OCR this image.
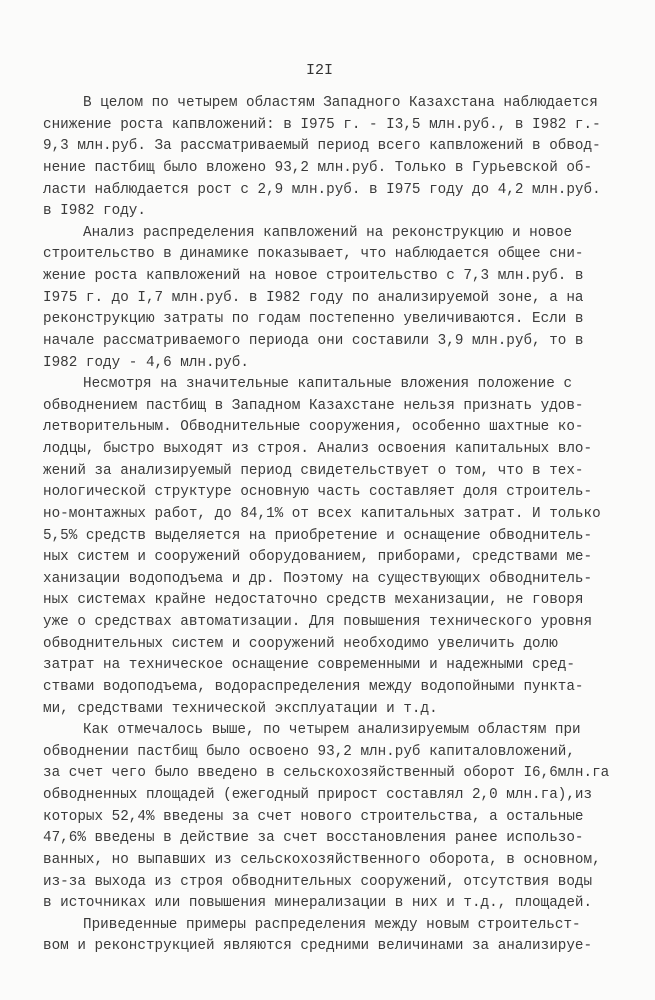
I2I
В целом по четырем областям Западного Казахстана наблюдается
снижение роста капвложений: в I975 г. - I3,5 млн.руб., в I982 г.-
9,3 млн.руб. За рассматриваемый период всего капвложений в обвод-
нение пастбищ было вложено 93,2 млн.руб. Только в Гурьевской об-
ласти наблюдается рост с 2,9 млн.руб. в I975 году до 4,2 млн.руб.
в I982 году.
Анализ распределения капвложений на реконструкцию и новое
строительство в динамике показывает, что наблюдается общее сни-
жение роста капвложений на новое строительство с 7,3 млн.руб. в
I975 г. до I,7 млн.руб. в I982 году по анализируемой зоне, а на
реконструкцию затраты по годам постепенно увеличиваются. Если в
начале рассматриваемого периода они составили 3,9 млн.руб, то в
I982 году - 4,6 млн.руб.
Несмотря на значительные капитальные вложения положение с
обводнением пастбищ в Западном Казахстане нельзя признать удов-
летворительным. Обводнительные сооружения, особенно шахтные ко-
лодцы, быстро выходят из строя. Анализ освоения капитальных вло-
жений за анализируемый период свидетельствует о том, что в тех-
нологической структуре основную часть составляет доля строитель-
но-монтажных работ, до 84,1% от всех капитальных затрат. И только
5,5% средств выделяется на приобретение и оснащение обводнитель-
ных систем и сооружений оборудованием, приборами, средствами ме-
ханизации водоподъема и др. Поэтому на существующих обводнитель-
ных системах крайне недостаточно средств механизации, не говоря
уже о средствах автоматизации. Для повышения технического уровня
обводнительных систем и сооружений необходимо увеличить долю
затрат на техническое оснащение современными и надежными сред-
ствами водоподъема, водораспределения между водопойными пункта-
ми, средствами технической эксплуатации и т.д.
Как отмечалось выше, по четырем анализируемым областям при
обводнении пастбищ было освоено 93,2 млн.руб капиталовложений,
за счет чего было введено в сельскохозяйственный оборот I6,6млн.га
обводненных площадей (ежегодный прирост составлял 2,0 млн.га),из
которых 52,4% введены за счет нового строительства, а остальные
47,6% введены в действие за счет восстановления ранее использо-
ванных, но выпавших из сельскохозяйственного оборота, в основном,
из-за выхода из строя обводнительных сооружений, отсутствия воды
в источниках или повышения минерализации в них и т.д., площадей.
Приведенные примеры распределения между новым строительст-
вом и реконструкцией являются средними величинами за анализируе-
